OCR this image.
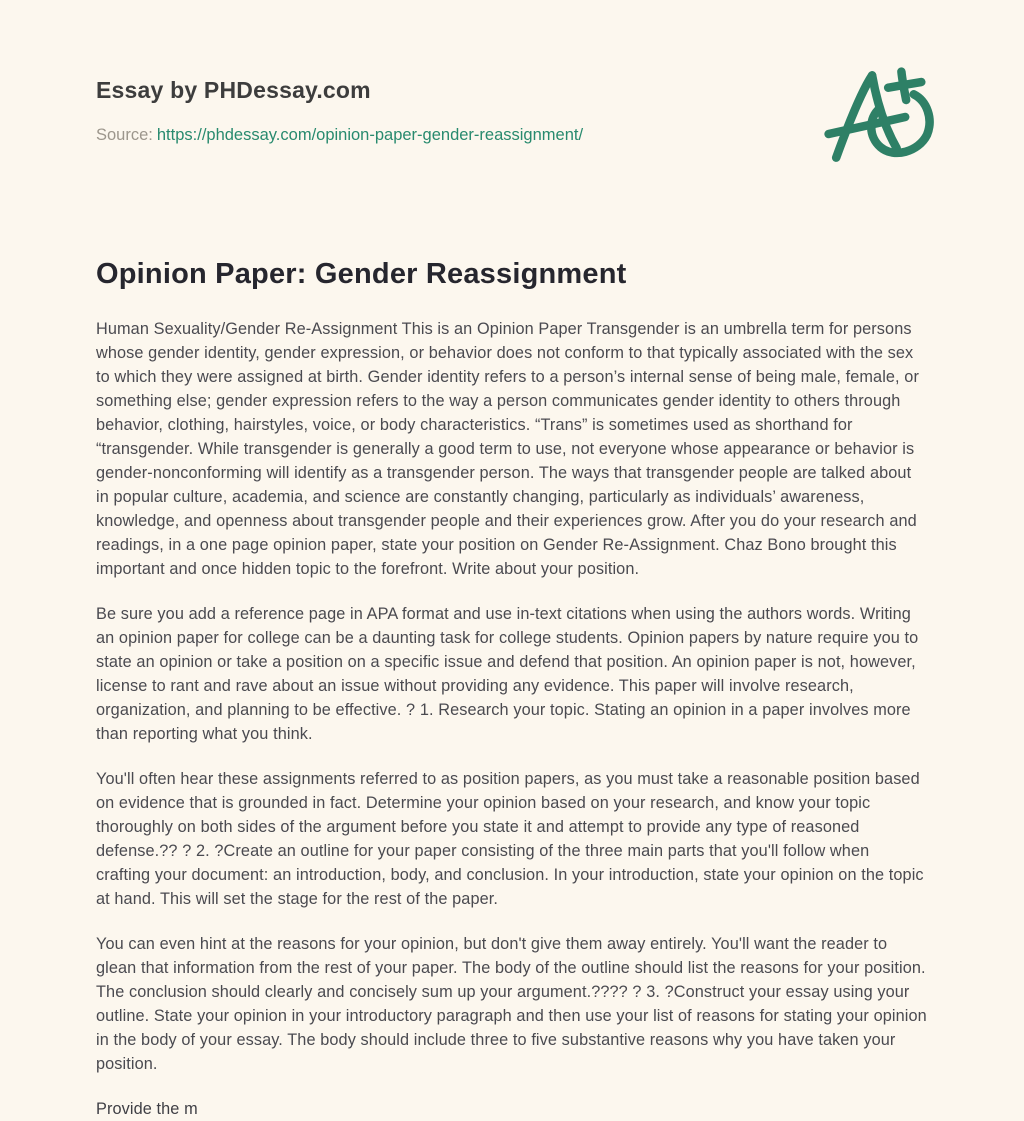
Essay by PHDessay.com
Source: https://phdessay.com/opinion-paper-gender-reassignment/
Opinion Paper: Gender Reassignment

Human Sexuality/Gender Re-Assignment This is an Opinion Paper Transgender is an umbrella term for persons whose gender identity, gender expression, or behavior does not conform to that typically associated with the sex to which they were assigned at birth. Gender identity refers to a person’s internal sense of being male, female, or something else; gender expression refers to the way a person communicates gender identity to others through behavior, clothing, hairstyles, voice, or body characteristics. “Trans” is sometimes used as shorthand for “transgender. While transgender is generally a good term to use, not everyone whose appearance or behavior is gender-nonconforming will identify as a transgender person. The ways that transgender people are talked about in popular culture, academia, and science are constantly changing, particularly as individuals’ awareness, knowledge, and openness about transgender people and their experiences grow. After you do your research and readings, in a one page opinion paper, state your position on Gender Re-Assignment. Chaz Bono brought this important and once hidden topic to the forefront. Write about your position.

Be sure you add a reference page in APA format and use in-text citations when using the authors words. Writing an opinion paper for college can be a daunting task for college students. Opinion papers by nature require you to state an opinion or take a position on a specific issue and defend that position. An opinion paper is not, however, license to rant and rave about an issue without providing any evidence. This paper will involve research, organization, and planning to be effective. ? 1. Research your topic. Stating an opinion in a paper involves more than reporting what you think.

You'll often hear these assignments referred to as position papers, as you must take a reasonable position based on evidence that is grounded in fact. Determine your opinion based on your research, and know your topic thoroughly on both sides of the argument before you state it and attempt to provide any type of reasoned defense.?? ? 2. ?Create an outline for your paper consisting of the three main parts that you'll follow when crafting your document: an introduction, body, and conclusion. In your introduction, state your opinion on the topic at hand. This will set the stage for the rest of the paper.

You can even hint at the reasons for your opinion, but don't give them away entirely. You'll want the reader to glean that information from the rest of your paper. The body of the outline should list the reasons for your position. The conclusion should clearly and concisely sum up your argument.???? ? 3. ?Construct your essay using your outline. State your opinion in your introductory paragraph and then use your list of reasons for stating your opinion in the body of your essay. The body should include three to five substantive reasons why you have taken your position.

Provide the m
